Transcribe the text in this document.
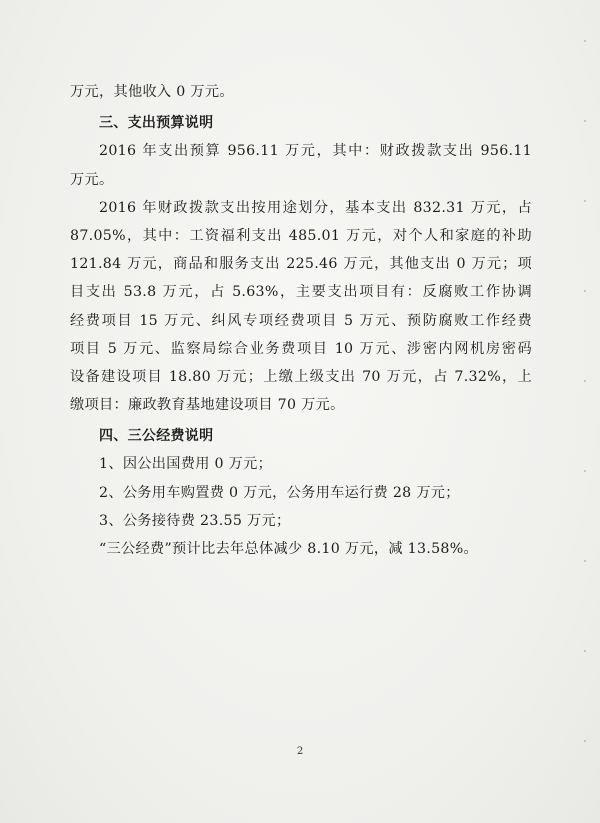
万元，其他收入 0 万元。
三、支出预算说明
2016 年支出预算 956.11 万元，其中：财政拨款支出 956.11
万元。
2016 年财政拨款支出按用途划分，基本支出 832.31 万元，占
87.05%，其中：工资福利支出 485.01 万元，对个人和家庭的补助
121.84 万元，商品和服务支出 225.46 万元，其他支出 0 万元；项
目支出 53.8 万元，占 5.63%，主要支出项目有：反腐败工作协调
经费项目 15 万元、纠风专项经费项目 5 万元、预防腐败工作经费
项目 5 万元、监察局综合业务费项目 10 万元、涉密内网机房密码
设备建设项目 18.80 万元；上缴上级支出 70 万元，占 7.32%，上
缴项目：廉政教育基地建设项目 70 万元。
四、三公经费说明
1、因公出国费用 0 万元；
2、公务用车购置费 0 万元，公务用车运行费 28 万元；
3、公务接待费 23.55 万元；
“三公经费”预计比去年总体减少 8.10 万元，减 13.58%。
2
